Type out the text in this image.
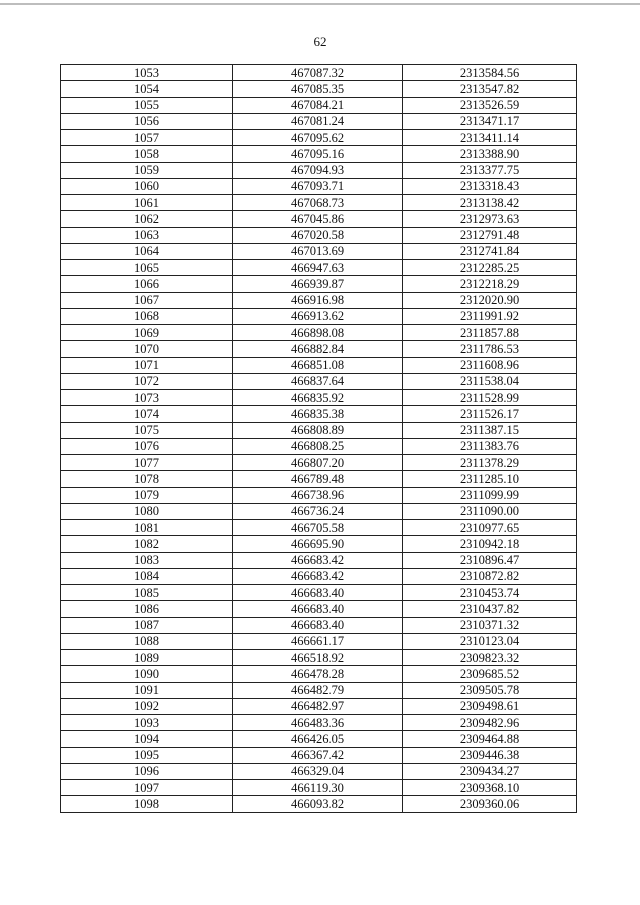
62
1053	467087.32	2313584.56
1054	467085.35	2313547.82
1055	467084.21	2313526.59
1056	467081.24	2313471.17
1057	467095.62	2313411.14
1058	467095.16	2313388.90
1059	467094.93	2313377.75
1060	467093.71	2313318.43
1061	467068.73	2313138.42
1062	467045.86	2312973.63
1063	467020.58	2312791.48
1064	467013.69	2312741.84
1065	466947.63	2312285.25
1066	466939.87	2312218.29
1067	466916.98	2312020.90
1068	466913.62	2311991.92
1069	466898.08	2311857.88
1070	466882.84	2311786.53
1071	466851.08	2311608.96
1072	466837.64	2311538.04
1073	466835.92	2311528.99
1074	466835.38	2311526.17
1075	466808.89	2311387.15
1076	466808.25	2311383.76
1077	466807.20	2311378.29
1078	466789.48	2311285.10
1079	466738.96	2311099.99
1080	466736.24	2311090.00
1081	466705.58	2310977.65
1082	466695.90	2310942.18
1083	466683.42	2310896.47
1084	466683.42	2310872.82
1085	466683.40	2310453.74
1086	466683.40	2310437.82
1087	466683.40	2310371.32
1088	466661.17	2310123.04
1089	466518.92	2309823.32
1090	466478.28	2309685.52
1091	466482.79	2309505.78
1092	466482.97	2309498.61
1093	466483.36	2309482.96
1094	466426.05	2309464.88
1095	466367.42	2309446.38
1096	466329.04	2309434.27
1097	466119.30	2309368.10
1098	466093.82	2309360.06
